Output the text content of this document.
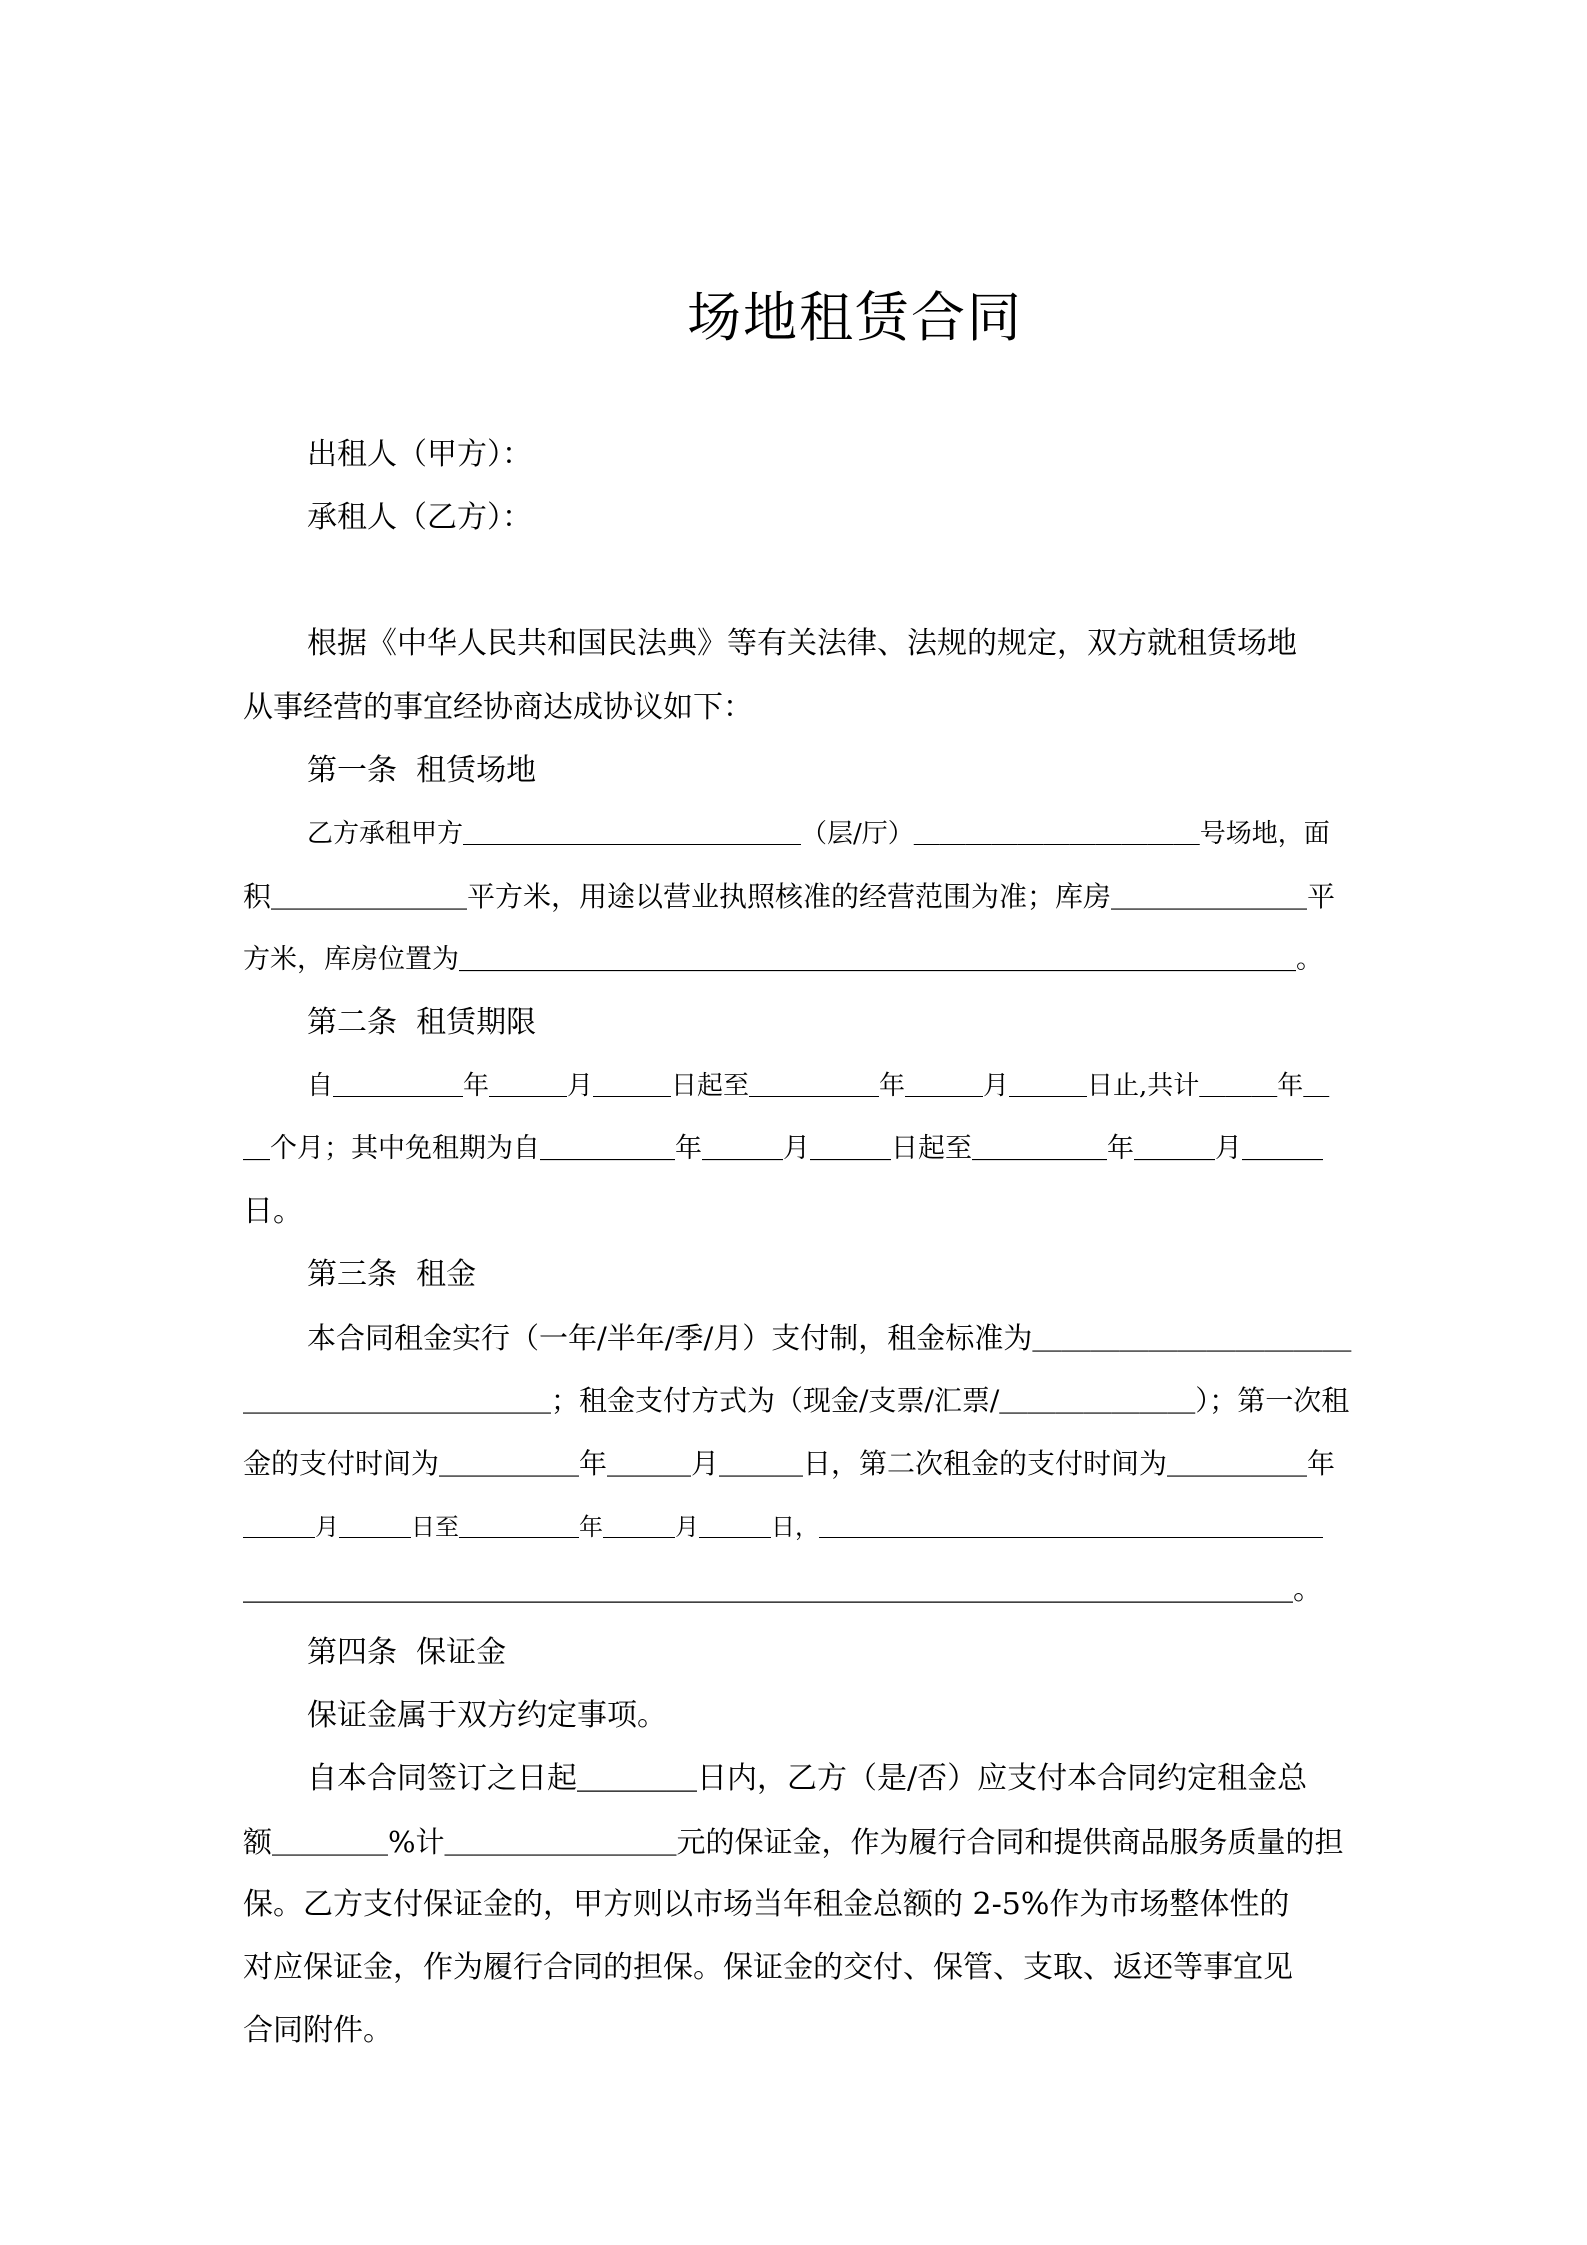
场地租赁合同
出租人（甲方）：
承租人（乙方）：
根据《中华人民共和国民法典》等有关法律、法规的规定，双方就租赁场地
从事经营的事宜经协商达成协议如下：
第一条  租赁场地
乙方承租甲方＿＿＿＿＿＿＿＿＿＿＿＿＿（层/厅）＿＿＿＿＿＿＿＿＿＿＿号场地，面
积＿＿＿＿＿＿＿平方米，用途以营业执照核准的经营范围为准；库房＿＿＿＿＿＿＿平
方米，库房位置为＿＿＿＿＿＿＿＿＿＿＿＿＿＿＿＿＿＿＿＿＿＿＿＿＿＿＿＿＿＿＿。
第二条  租赁期限
自＿＿＿＿＿年＿＿＿月＿＿＿日起至＿＿＿＿＿年＿＿＿月＿＿＿日止,共计＿＿＿年＿
＿个月；其中免租期为自＿＿＿＿＿年＿＿＿月＿＿＿日起至＿＿＿＿＿年＿＿＿月＿＿＿
日。
第三条  租金
本合同租金实行（一年/半年/季/月）支付制，租金标准为＿＿＿＿＿＿＿＿＿＿＿
＿＿＿＿＿＿＿＿＿＿＿；租金支付方式为（现金/支票/汇票/＿＿＿＿＿＿＿）；第一次租
金的支付时间为＿＿＿＿＿年＿＿＿月＿＿＿日，第二次租金的支付时间为＿＿＿＿＿年
＿＿＿月＿＿＿日至＿＿＿＿＿年＿＿＿月＿＿＿日，＿＿＿＿＿＿＿＿＿＿＿＿＿＿＿＿＿＿＿＿＿
＿＿＿＿＿＿＿＿＿＿＿＿＿＿＿＿＿＿＿＿＿＿＿＿＿＿＿＿＿＿＿＿＿＿＿。
第四条  保证金
保证金属于双方约定事项。
自本合同签订之日起＿＿＿＿日内，乙方（是/否）应支付本合同约定租金总
额＿＿＿＿%计＿＿＿＿＿＿＿＿元的保证金，作为履行合同和提供商品服务质量的担
保。乙方支付保证金的，甲方则以市场当年租金总额的 2-5%作为市场整体性的
对应保证金，作为履行合同的担保。保证金的交付、保管、支取、返还等事宜见
合同附件。
